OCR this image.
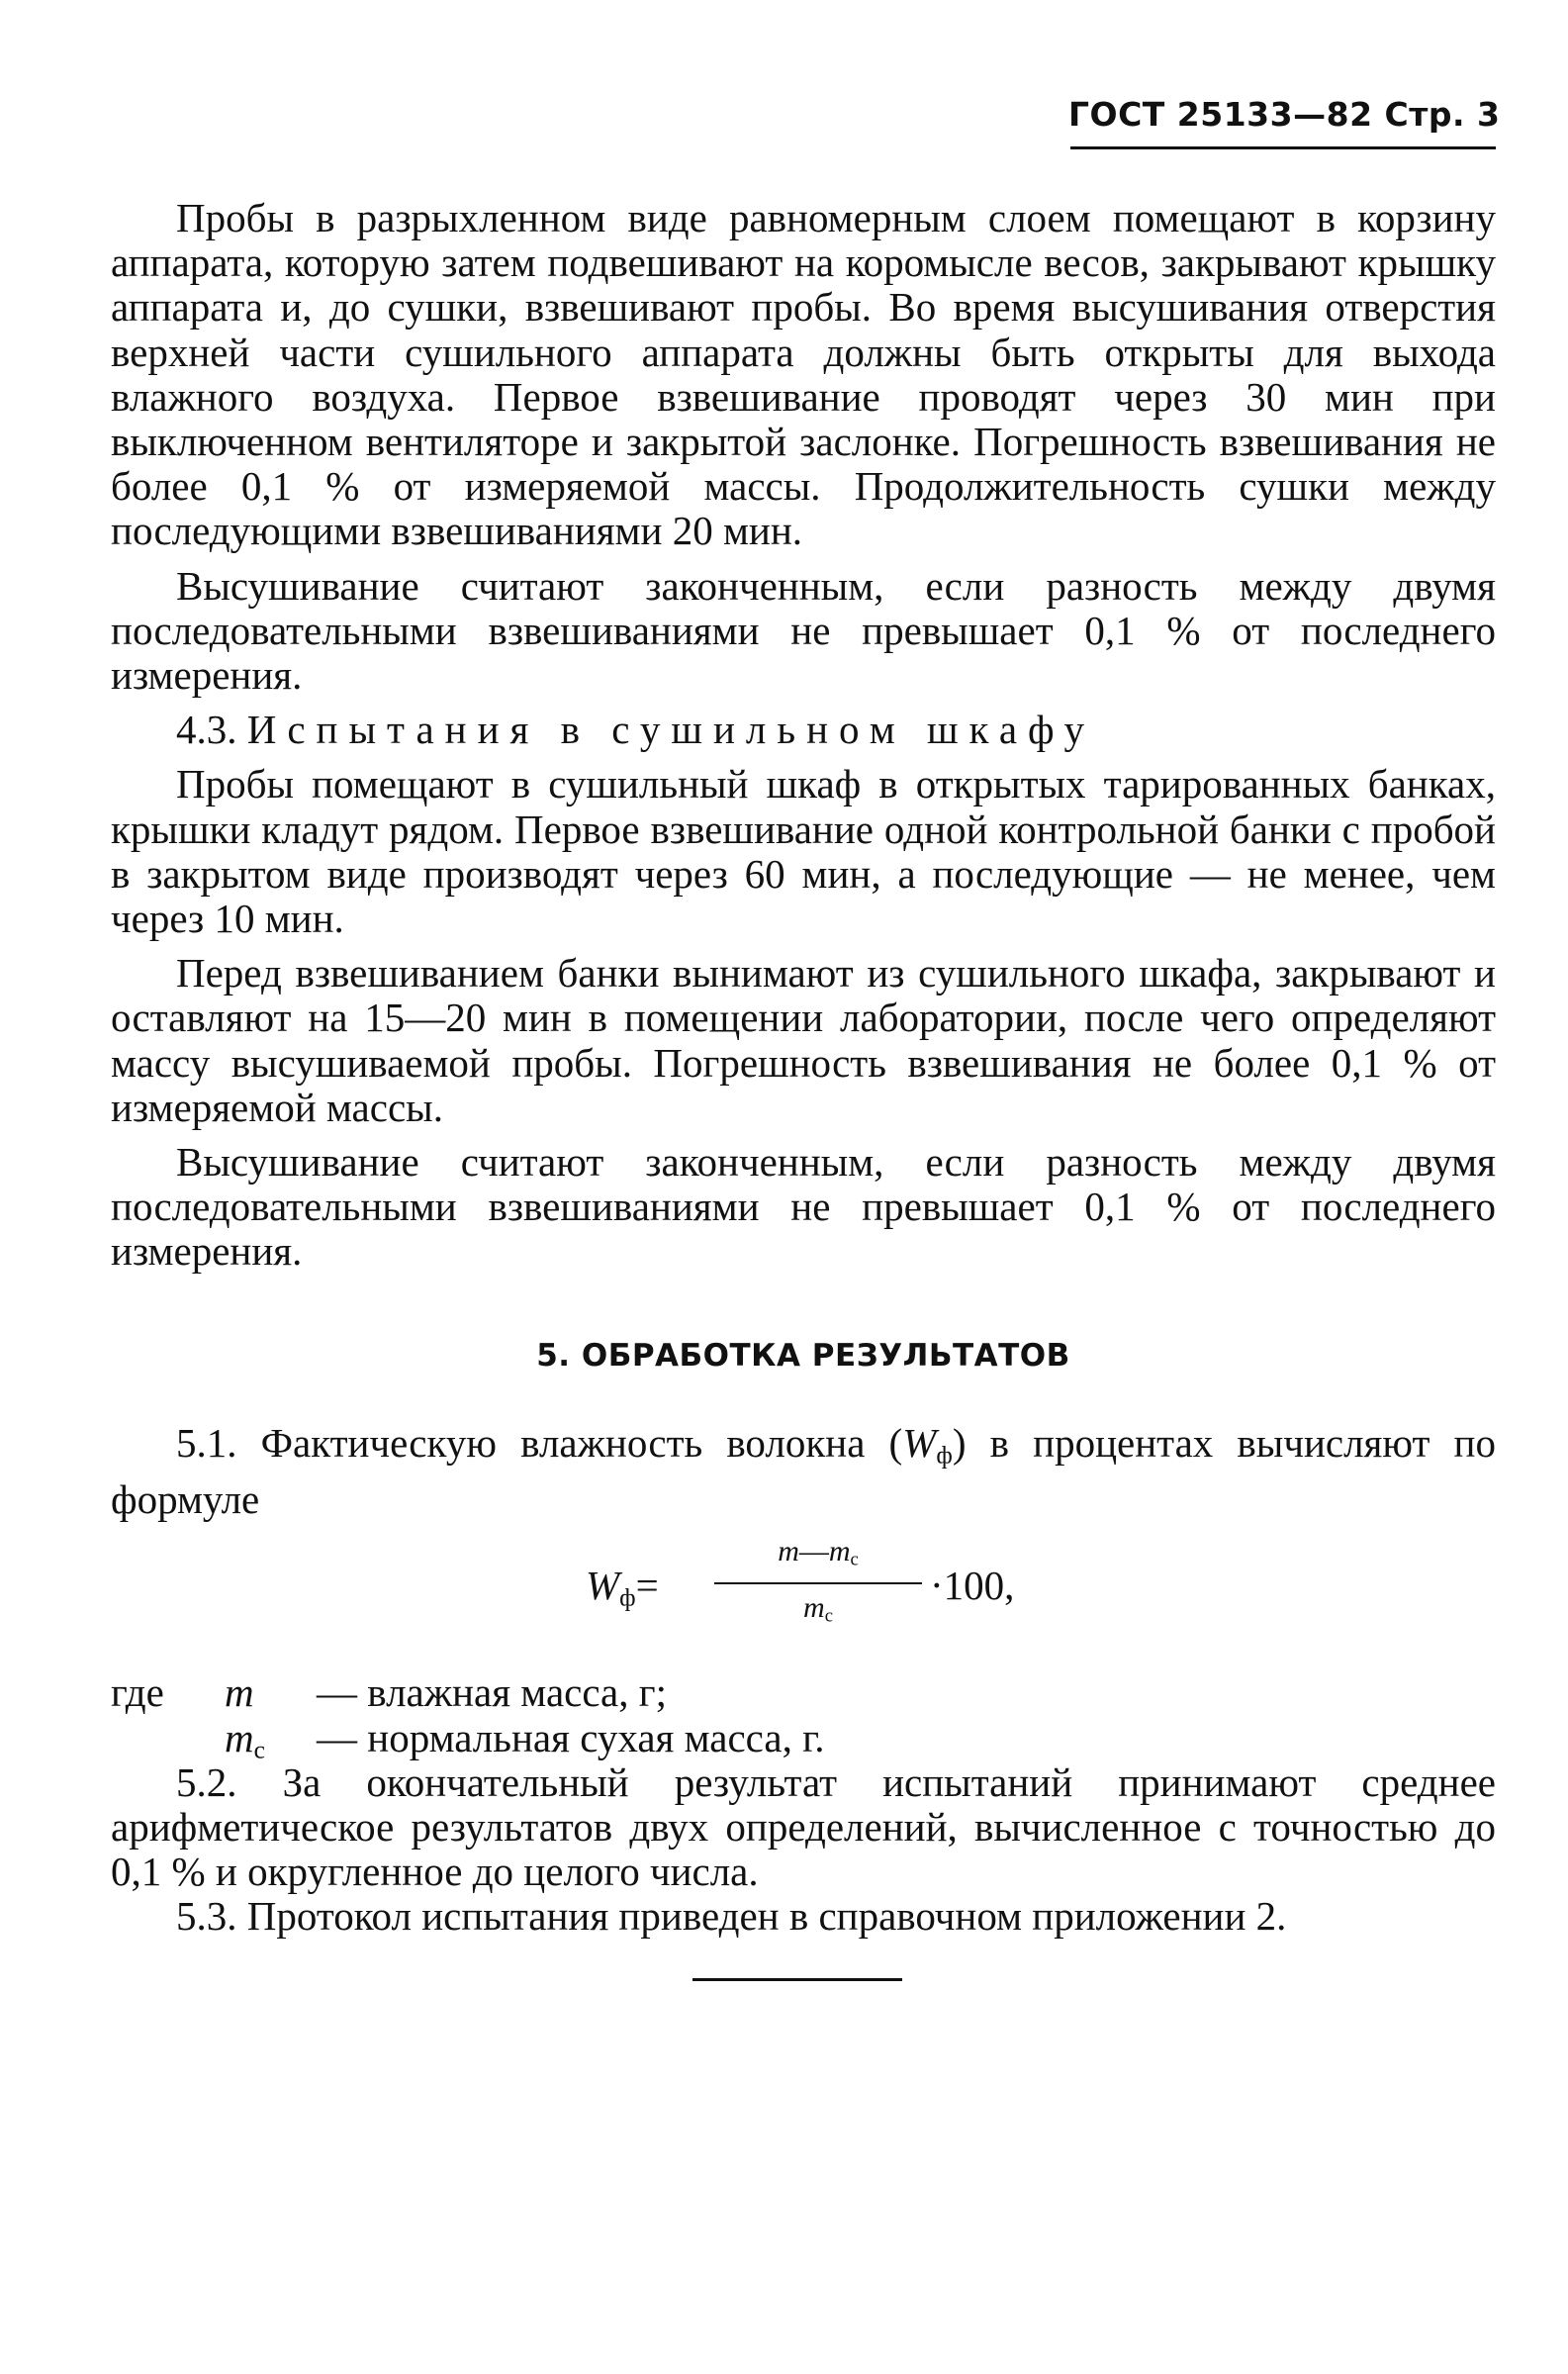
ГОСТ 25133—82 Стр. 3

Пробы в разрыхленном виде равномерным слоем помещают в корзину аппарата, которую затем подвешивают на коромысле весов, закрывают крышку аппарата и, до сушки, взвешивают пробы. Во время высушивания отверстия верхней части сушильного аппарата должны быть открыты для выхода влажного воздуха. Первое взвешивание проводят через 30 мин при выключенном вентиляторе и закрытой заслонке. Погрешность взвешивания не более 0,1 % от измеряемой массы. Продолжительность сушки между последующими взвешиваниями 20 мин.

Высушивание считают законченным, если разность между двумя последовательными взвешиваниями не превышает 0,1 % от последнего измерения.

4.3. Испытания в сушильном шкафу

Пробы помещают в сушильный шкаф в открытых тарированных банках, крышки кладут рядом. Первое взвешивание одной контрольной банки с пробой в закрытом виде производят через 60 мин, а последующие — не менее, чем через 10 мин.

Перед взвешиванием банки вынимают из сушильного шкафа, закрывают и оставляют на 15—20 мин в помещении лаборатории, после чего определяют массу высушиваемой пробы. Погрешность взвешивания не более 0,1 % от измеряемой массы.

Высушивание считают законченным, если разность между двумя последовательными взвешиваниями не превышает 0,1 % от последнего измерения.

5. ОБРАБОТКА РЕЗУЛЬТАТОВ

5.1. Фактическую влажность волокна $(W_ф)$ в процентах вычисляют по формуле

$W_ф=$
$m—m_с$
$m_с$
·100,
где m — влажная масса, г;
$m_с$ — нормальная сухая масса, г.

5.2. За окончательный результат испытаний принимают среднее арифметическое результатов двух определений, вычисленное с точностью до 0,1 % и округленное до целого числа.

5.3. Протокол испытания приведен в справочном приложении 2.
